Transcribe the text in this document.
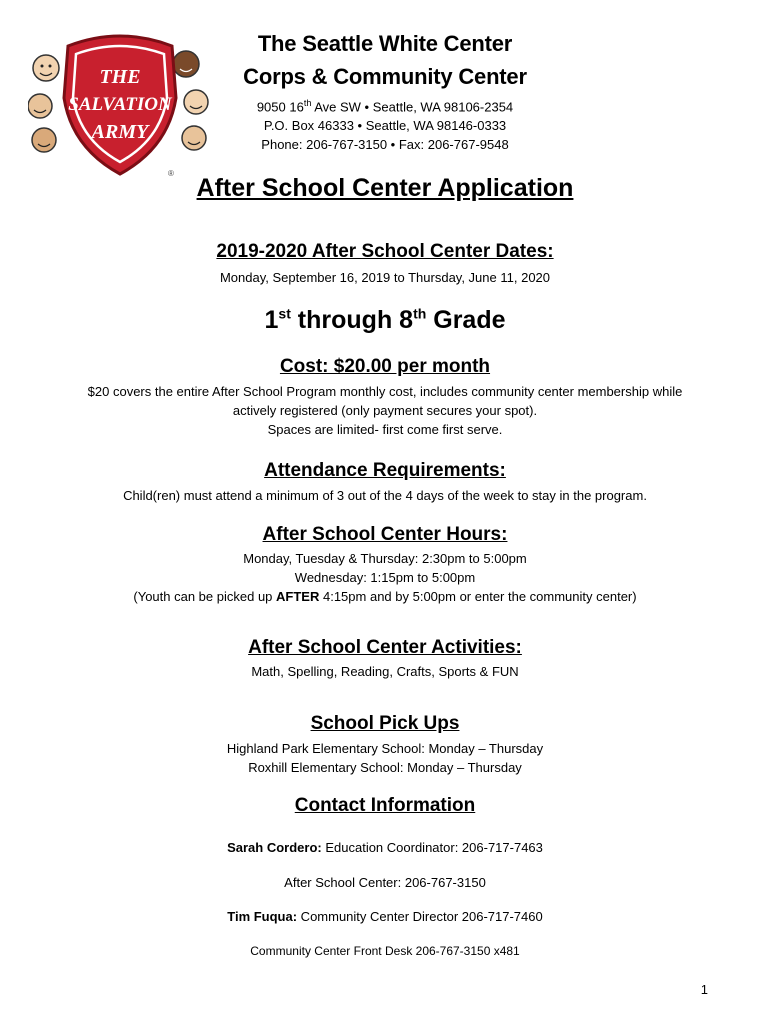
THE
SALVATION
ARMY
®
The Seattle White Center
Corps & Community Center
9050 16th Ave SW • Seattle, WA 98106-2354
P.O. Box 46333 • Seattle, WA 98146-0333
Phone: 206-767-3150 • Fax: 206-767-9548
After School Center Application
2019-2020 After School Center Dates:
Monday, September 16, 2019 to Thursday, June 11, 2020
1st through 8th Grade
Cost: $20.00 per month
$20 covers the entire After School Program monthly cost, includes community center membership while
actively registered (only payment secures your spot).
Spaces are limited- first come first serve.
Attendance Requirements:
Child(ren) must attend a minimum of 3 out of the 4 days of the week to stay in the program.
After School Center Hours:
Monday, Tuesday & Thursday: 2:30pm to 5:00pm
Wednesday: 1:15pm to 5:00pm
(Youth can be picked up AFTER 4:15pm and by 5:00pm or enter the community center)
After School Center Activities:
Math, Spelling, Reading, Crafts, Sports & FUN
School Pick Ups
Highland Park Elementary School: Monday – Thursday
Roxhill Elementary School: Monday – Thursday
Contact Information
Sarah Cordero: Education Coordinator: 206-717-7463
After School Center: 206-767-3150
Tim Fuqua: Community Center Director 206-717-7460
Community Center Front Desk 206-767-3150 x481
1
